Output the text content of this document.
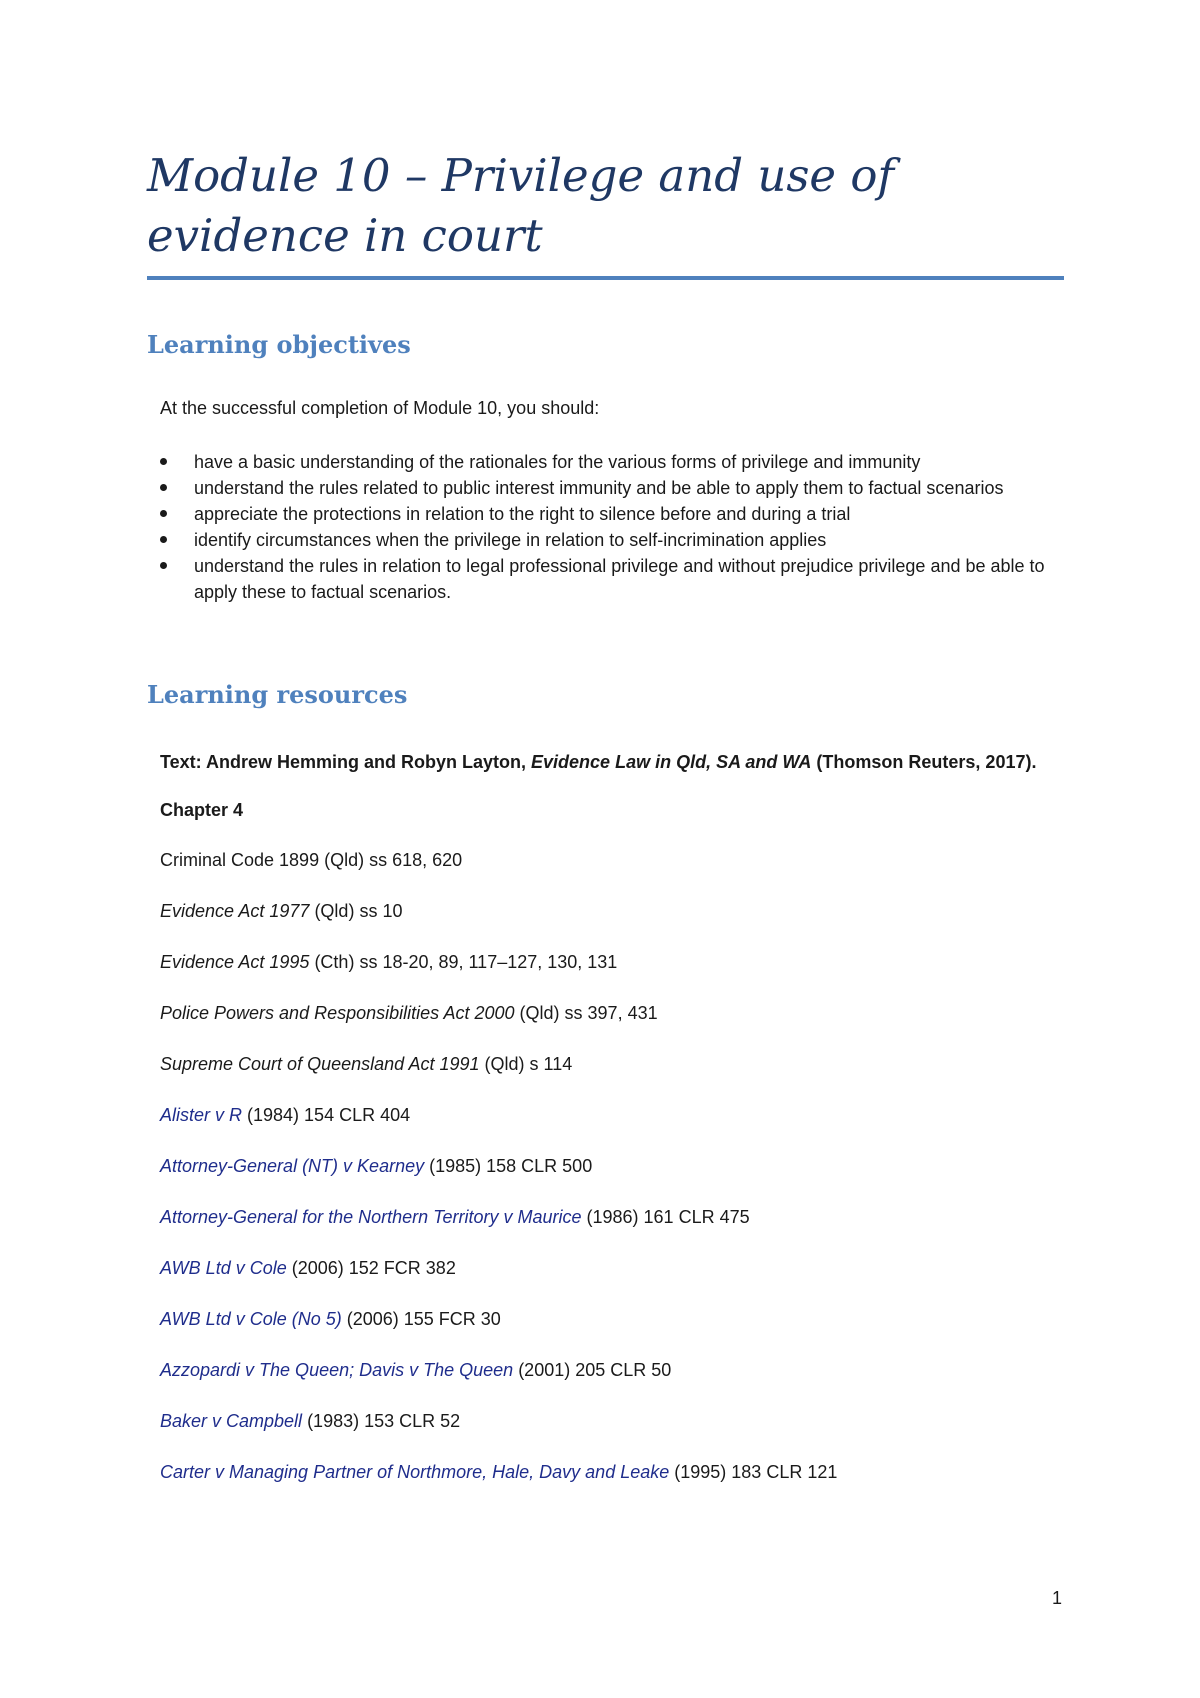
Module 10 – Privilege and use of
evidence in court
Learning objectives

At the successful completion of Module 10, you should:

have a basic understanding of the rationales for the various forms of privilege and immunity
understand the rules related to public interest immunity and be able to apply them to factual scenarios
appreciate the protections in relation to the right to silence before and during a trial
identify circumstances when the privilege in relation to self-incrimination applies
understand the rules in relation to legal professional privilege and without prejudice privilege and be able to apply these to factual scenarios.
Learning resources

Text: Andrew Hemming and Robyn Layton, Evidence Law in Qld, SA and WA (Thomson Reuters, 2017).

Chapter 4

Criminal Code 1899 (Qld) ss 618, 620
Evidence Act 1977 (Qld) ss 10
Evidence Act 1995 (Cth) ss 18-20, 89, 117–127, 130, 131
Police Powers and Responsibilities Act 2000 (Qld) ss 397, 431
Supreme Court of Queensland Act 1991 (Qld) s 114
Alister v R (1984) 154 CLR 404
Attorney-General (NT) v Kearney (1985) 158 CLR 500
Attorney-General for the Northern Territory v Maurice (1986) 161 CLR 475
AWB Ltd v Cole (2006) 152 FCR 382
AWB Ltd v Cole (No 5) (2006) 155 FCR 30
Azzopardi v The Queen; Davis v The Queen (2001) 205 CLR 50
Baker v Campbell (1983) 153 CLR 52
Carter v Managing Partner of Northmore, Hale, Davy and Leake (1995) 183 CLR 121

1
